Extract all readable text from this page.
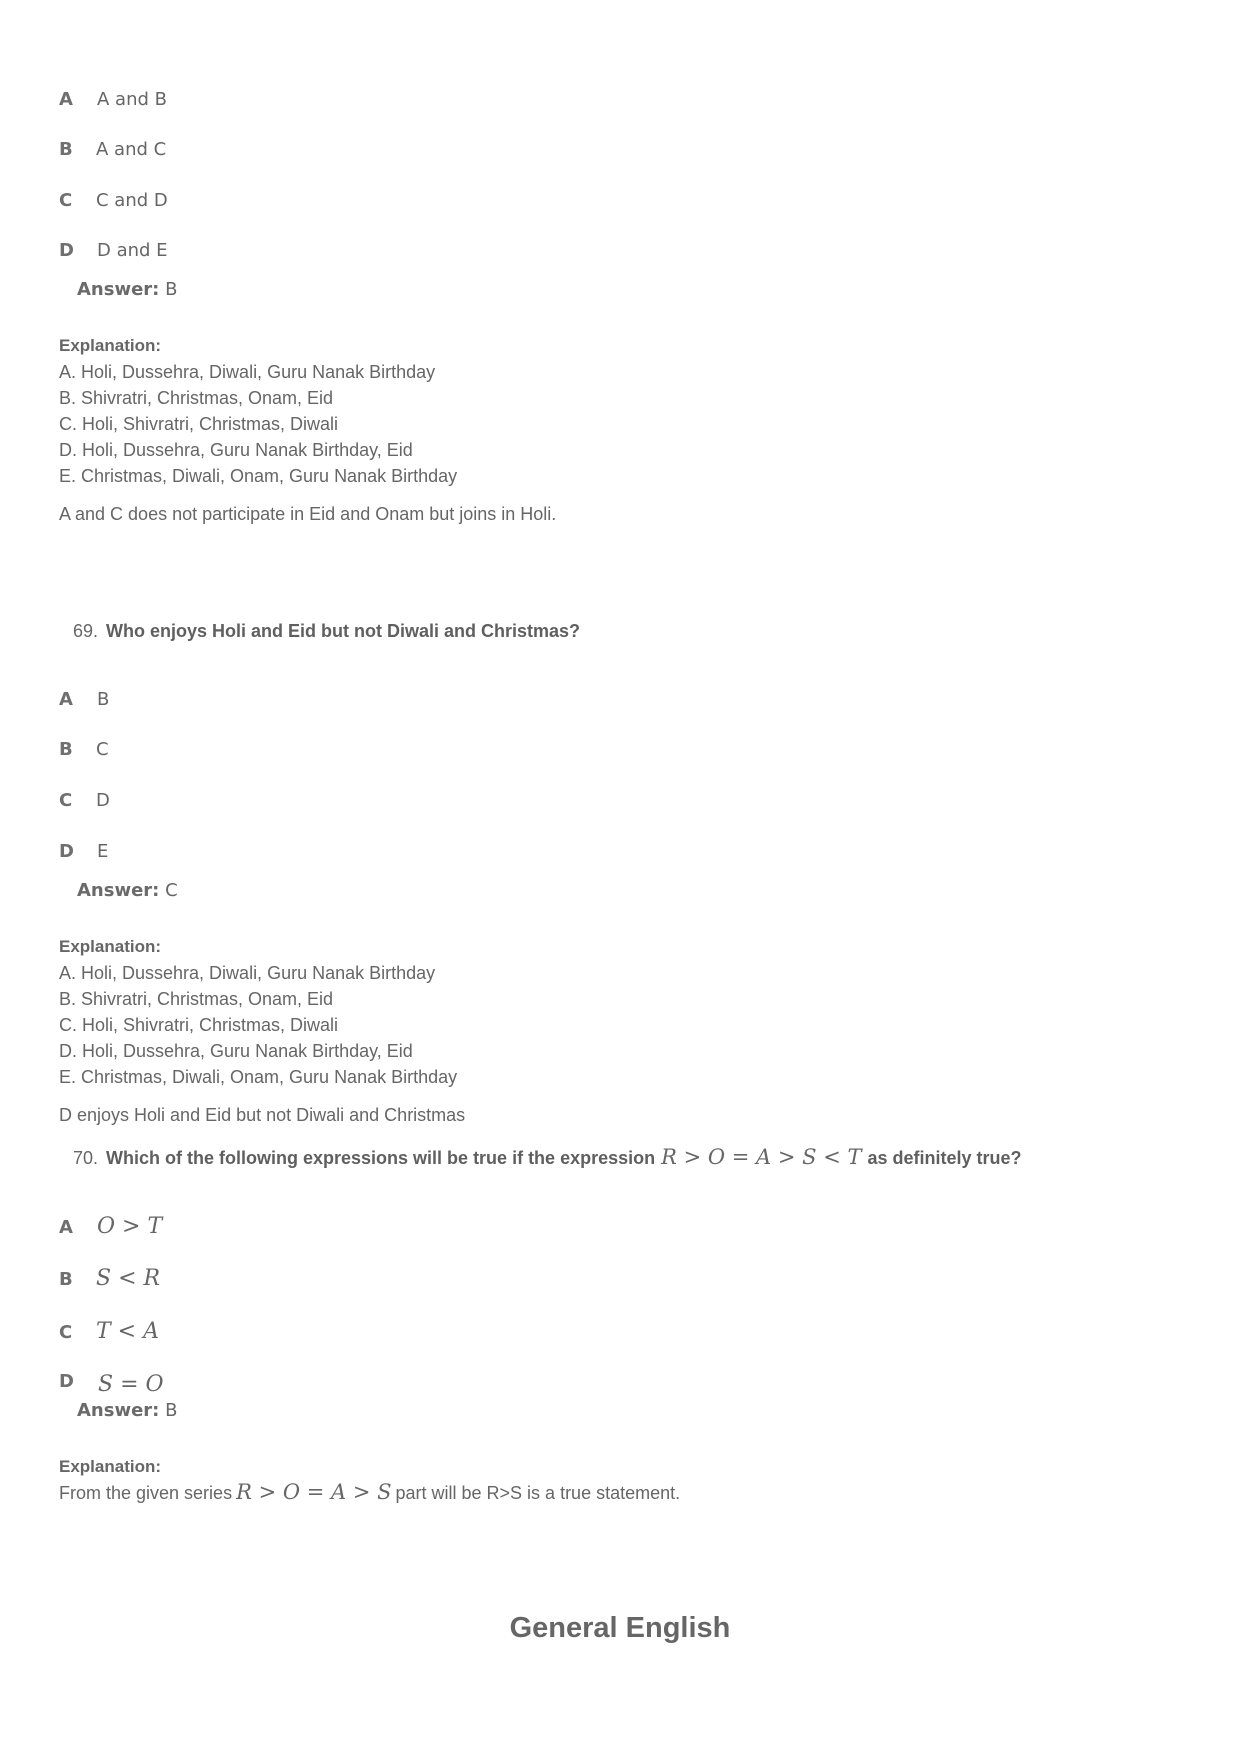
A A and B
B A and C
C C and D
D D and E
Answer: B
Explanation:
A. Holi, Dussehra, Diwali, Guru Nanak Birthday
B. Shivratri, Christmas, Onam, Eid
C. Holi, Shivratri, Christmas, Diwali
D. Holi, Dussehra, Guru Nanak Birthday, Eid
E. Christmas, Diwali, Onam, Guru Nanak Birthday
A and C does not participate in Eid and Onam but joins in Holi.
69. Who enjoys Holi and Eid but not Diwali and Christmas?
A B
B C
C D
D E
Answer: C
Explanation:
A. Holi, Dussehra, Diwali, Guru Nanak Birthday
B. Shivratri, Christmas, Onam, Eid
C. Holi, Shivratri, Christmas, Diwali
D. Holi, Dussehra, Guru Nanak Birthday, Eid
E. Christmas, Diwali, Onam, Guru Nanak Birthday
D enjoys Holi and Eid but not Diwali and Christmas
70. Which of the following expressions will be true if the expression R > O = A > S < T as definitely true?
A O > T
B S < R
C T < A
D S = O
Answer: B
Explanation:
From the given series R > O = A > S part will be R>S is a true statement.
General English
